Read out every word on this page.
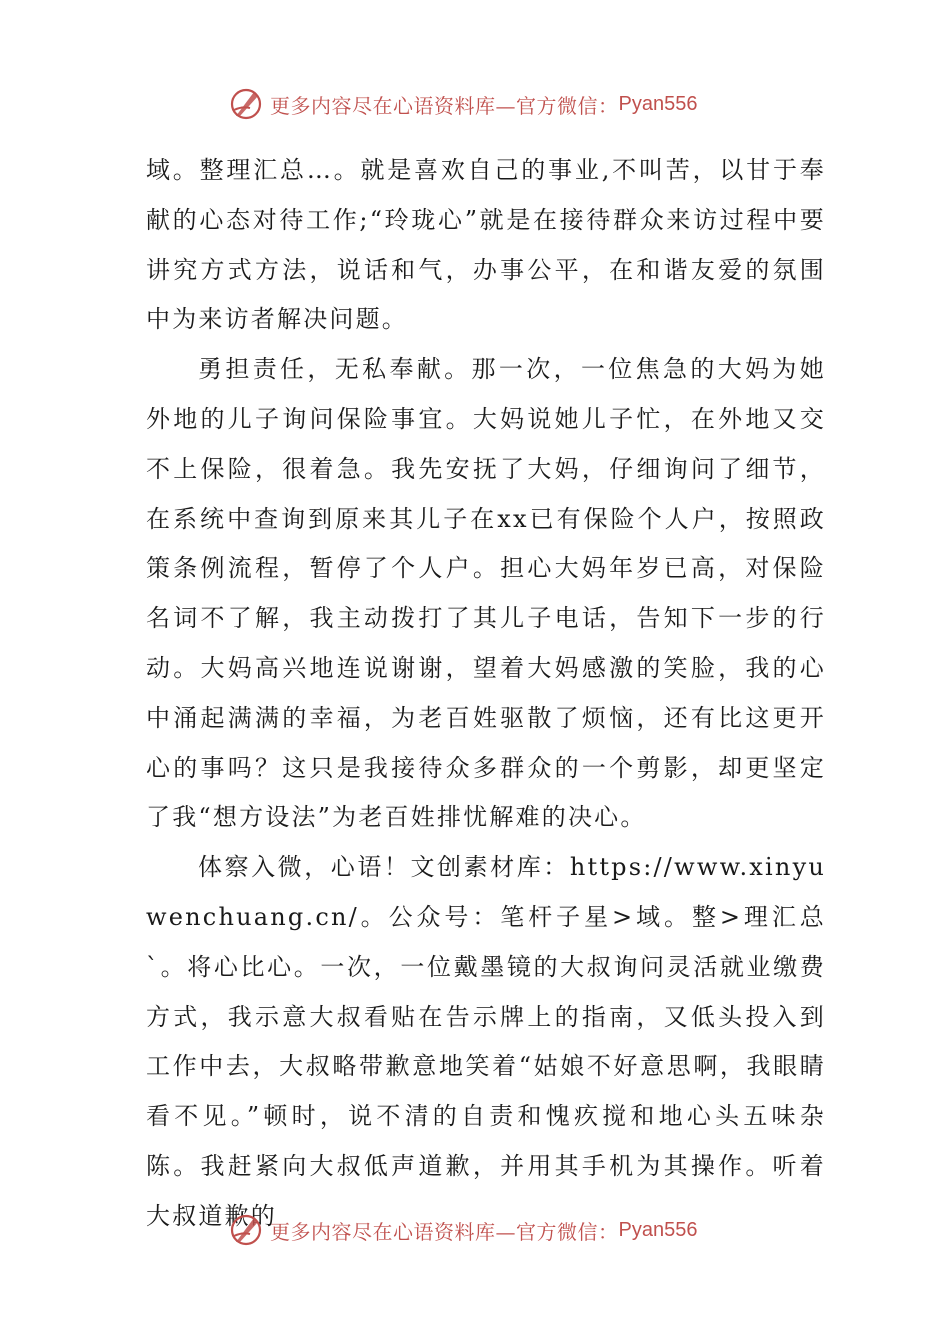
更多内容尽在心语资料库—官方微信： Pyan556

域。整理汇总…。就是喜欢自己的事业,不叫苦，以甘于奉献的心态对待工作;“玲珑心”就是在接待群众来访过程中要讲究方式方法，说话和气，办事公平，在和谐友爱的氛围中为来访者解决问题。

勇担责任，无私奉献。那一次，一位焦急的大妈为她外地的儿子询问保险事宜。大妈说她儿子忙，在外地又交不上保险，很着急。我先安抚了大妈，仔细询问了细节，在系统中查询到原来其儿子在xx已有保险个人户，按照政策条例流程，暂停了个人户。担心大妈年岁已高，对保险名词不了解，我主动拨打了其儿子电话，告知下一步的行动。大妈高兴地连说谢谢，望着大妈感激的笑脸，我的心中涌起满满的幸福，为老百姓驱散了烦恼，还有比这更开心的事吗？这只是我接待众多群众的一个剪影，却更坚定了我“想方设法”为老百姓排忧解难的决心。

体察入微，心语！文创素材库：https://www.xinyuwenchuang.cn/。公众号：笔杆子星>域。整>理汇总`。将心比心。一次，一位戴墨镜的大叔询问灵活就业缴费方式，我示意大叔看贴在告示牌上的指南，又低头投入到工作中去，大叔略带歉意地笑着“姑娘不好意思啊，我眼睛看不见。”顿时，说不清的自责和愧疚搅和地心头五味杂陈。我赶紧向大叔低声道歉，并用其手机为其操作。听着大叔道歉的

更多内容尽在心语资料库—官方微信： Pyan556
